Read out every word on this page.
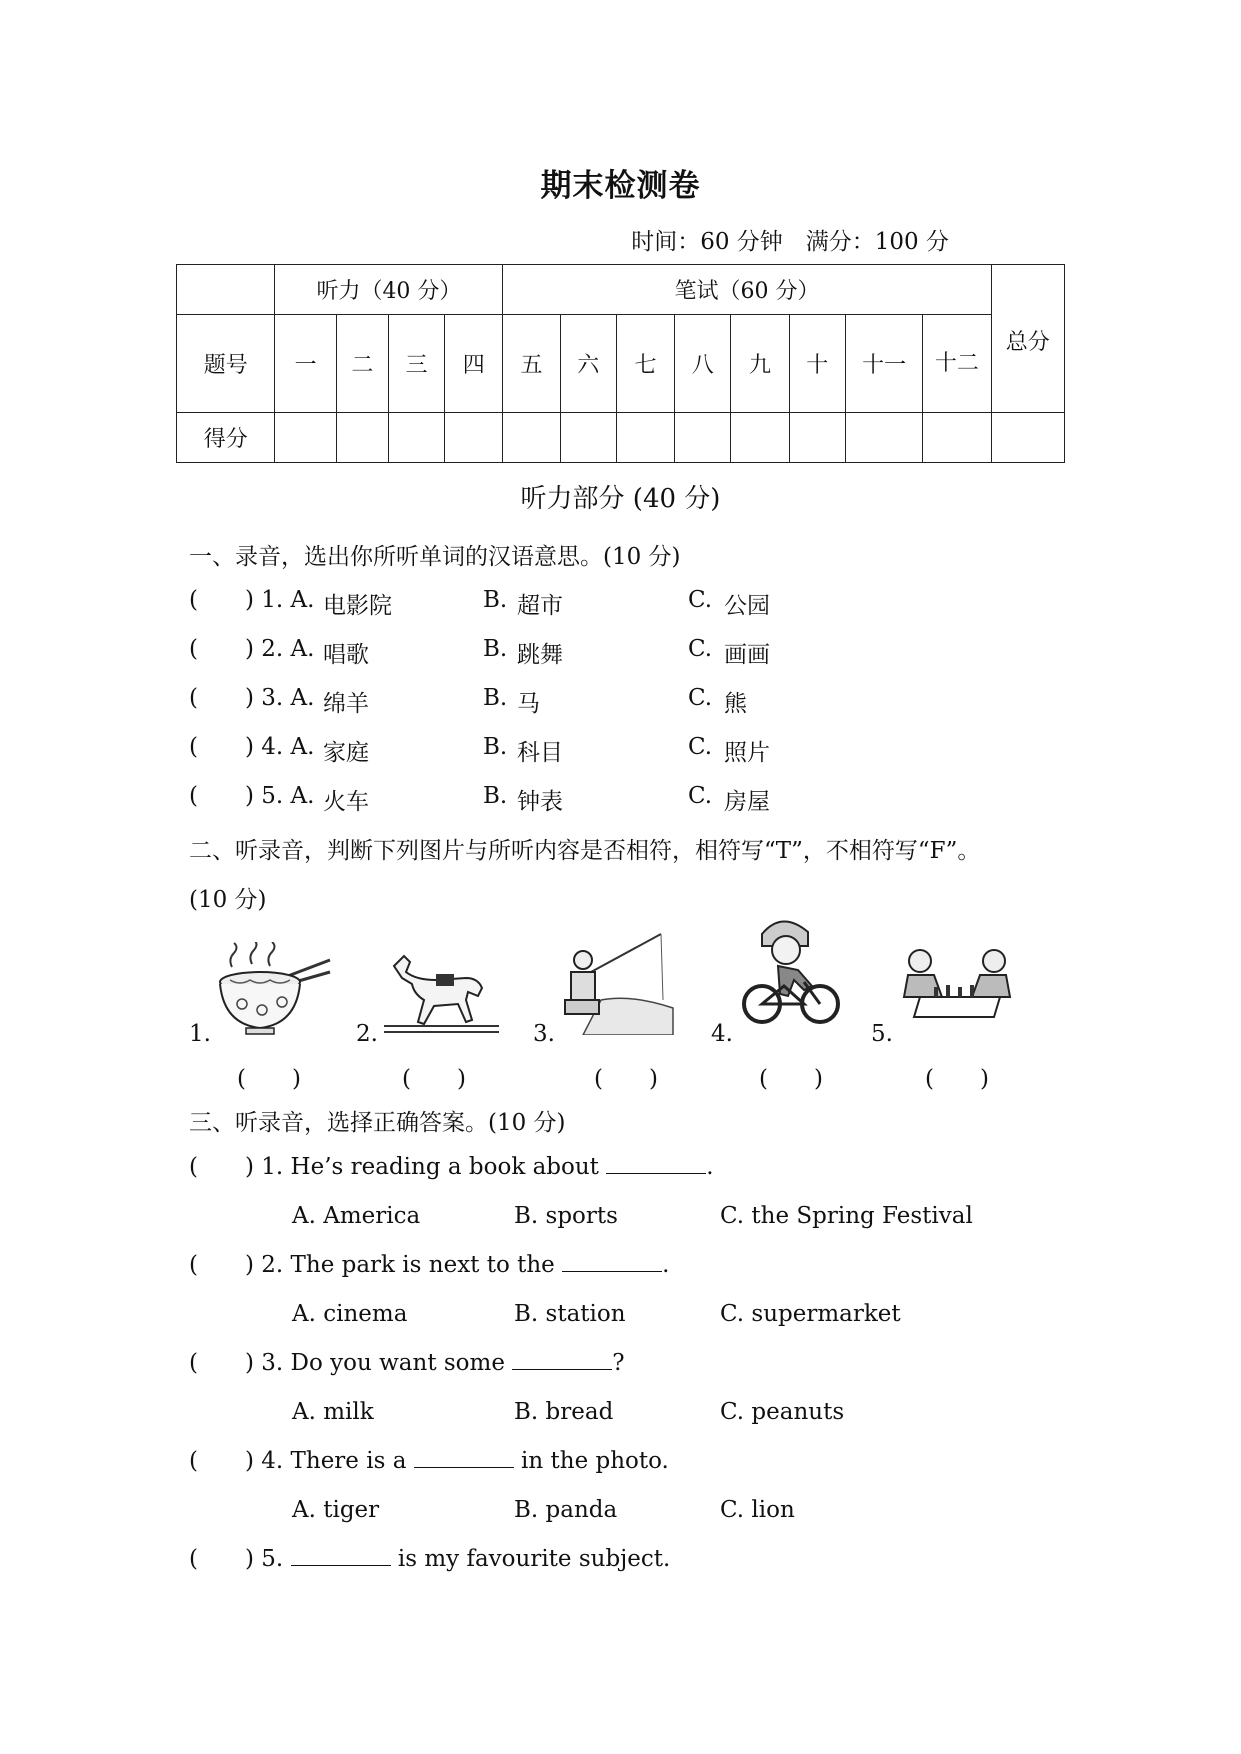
期末检测卷
时间：60 分钟　满分：100 分
	听力（40 分）				笔试（60 分）								总分
题号	一	二	三	四	五	六	七	八	九	十	十一	十二	
得分													
听力部分 (40 分)
一、录音，选出你所听单词的汉语意思。(10 分)
( ) 1. A. 电影院	B. 超市	C. 公园
( ) 2. A. 唱歌	B. 跳舞	C. 画画
( ) 3. A. 绵羊	B. 马	C. 熊
( ) 4. A. 家庭	B. 科目	C. 照片
( ) 5. A. 火车	B. 钟表	C. 房屋
二、听录音，判断下列图片与所听内容是否相符，相符写“T”，不相符写“F”。
(10 分)
1.
(　　)
2.
(　　)
3.
(　　)
4.
(　　)
5.
(　　)
三、听录音，选择正确答案。(10 分)
( ) 1. He’s reading a book about	.
A. America	B. sports	C. the Spring Festival
( ) 2. The park is next to the	.
A. cinema	B. station	C. supermarket
( ) 3. Do you want some	?
A. milk	B. bread	C. peanuts
( ) 4. There is a	in the photo.
A. tiger	B. panda	C. lion
( ) 5.	is my favourite subject.
